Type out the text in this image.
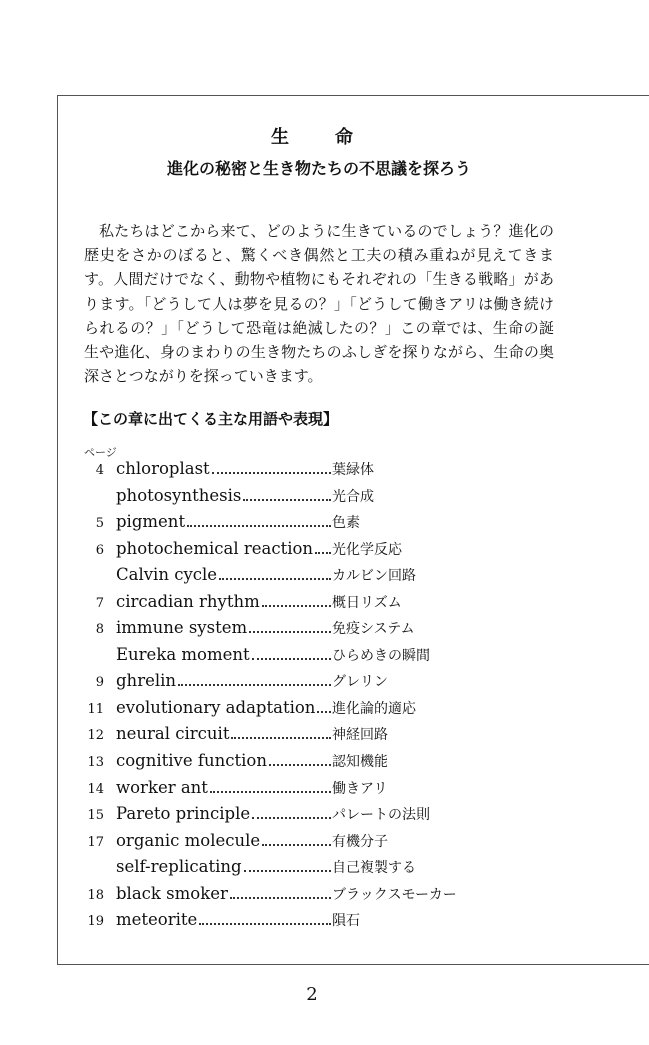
生　命
進化の秘密と生き物たちの不思議を探ろう

私たちはどこから来て、どのように生きているのでしょう？進化の歴史をさかのぼると、驚くべき偶然と工夫の積み重ねが見えてきます。人間だけでなく、動物や植物にもそれぞれの「生きる戦略」があります。「どうして人は夢を見るの？」「どうして働きアリは働き続けられるの？」「どうして恐竜は絶滅したの？」この章では、生命の誕生や進化、身のまわりの生き物たちのふしぎを探りながら、生命の奥深さとつながりを探っていきます。

【この章に出てくる主な用語や表現】
ページ
4 chloroplast	葉緑体
photosynthesis	光合成
5 pigment	色素
6 photochemical reaction 光化学反応
Calvin cycle	カルビン回路
7 circadian rhythm	概日リズム
8 immune system	免疫システム
Eureka moment	ひらめきの瞬間
9 ghrelin	グレリン
11 evolutionary adaptation 進化論的適応
12 neural circuit	神経回路
13 cognitive function	認知機能
14 worker ant	働きアリ
15 Pareto principle	パレートの法則
17 organic molecule	有機分子
self-replicating	自己複製する
18 black smoker	ブラックスモーカー
19 meteorite	隕石
2
